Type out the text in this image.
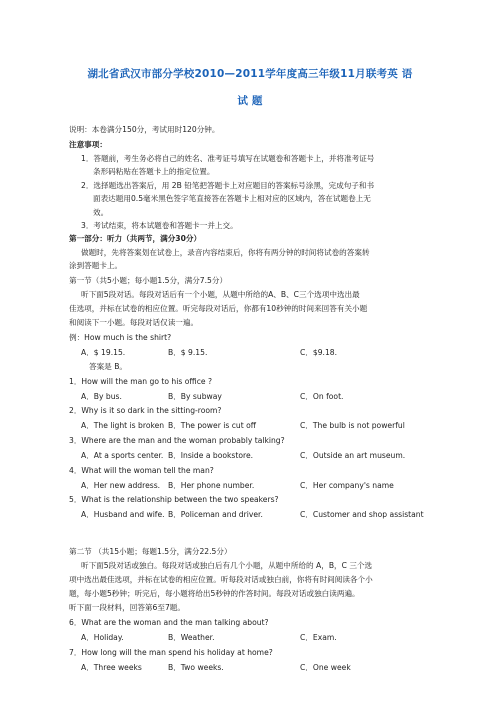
湖北省武汉市部分学校2010—2011学年度高三年级11月联考英 语
试 题
说明：本卷满分150分，考试用时120分钟。
注意事项：
1．答题前，考生务必将自己的姓名、准考证号填写在试题卷和答题卡上，并将准考证号
条形码粘贴在答题卡上的指定位置。
2．选择题选出答案后，用 2B 铅笔把答题卡上对应题目的答案标号涂黑，完成句子和书
面表达题用0.5毫米黑色签字笔直接答在答题卡上相对应的区域内，答在试题卷上无
效。
3．考试结束，将本试题卷和答题卡一并上交。
第一部分：听力（共两节，满分30分）
做题时，先将答案划在试卷上，录音内容结束后，你将有两分钟的时间将试卷的答案转
涂到答题卡上。
第一节（共5小题；每小题1.5分，满分7.5分）
听下面5段对话。每段对话后有一个小题，从题中所给的A、B、C三个选项中选出最
佳选项，并标在试卷的相应位置。听完每段对话后，你都有10秒钟的时间来回答有关小题
和阅读下一小题。每段对话仅读一遍。
例：How much is the shirt?
A．$ 19.15.	B．$ 9.15.	C．$9.18.
答案是 B。
1．How will the man go to his office ?
A．By bus.	B．By subway	C．On foot.
2．Why is it so dark in the sitting-room?
A．The light is broken B．The power is cut off	C．The bulb is not powerful
3．Where are the man and the woman probably talking?
A．At a sports center. B．Inside a bookstore.	C．Outside an art museum.
4．What will the woman tell the man?
A．Her new address. B．Her phone number.	C．Her company's name
5．What is the relationship between the two speakers?
A．Husband and wife. B．Policeman and driver.	C．Customer and shop assistant
第二节 （共15小题；每题1.5分，满分22.5分）
听下面5段对话或独白。每段对话或独白后有几个小题，从题中所给的 A，B，C 三个选
项中选出最佳选项，并标在试卷的相应位置。听每段对话或独白前，你将有时间阅读各个小
题，每小题5秒钟；听完后，每小题将给出5秒钟的作答时间。每段对话或独白读两遍。
听下面一段材料，回答第6至7题。
6．What are the woman and the man talking about?
A．Holiday.	B．Weather.	C．Exam.
7．How long will the man spend his holiday at home?
A．Three weeks	B．Two weeks.	C．One week
